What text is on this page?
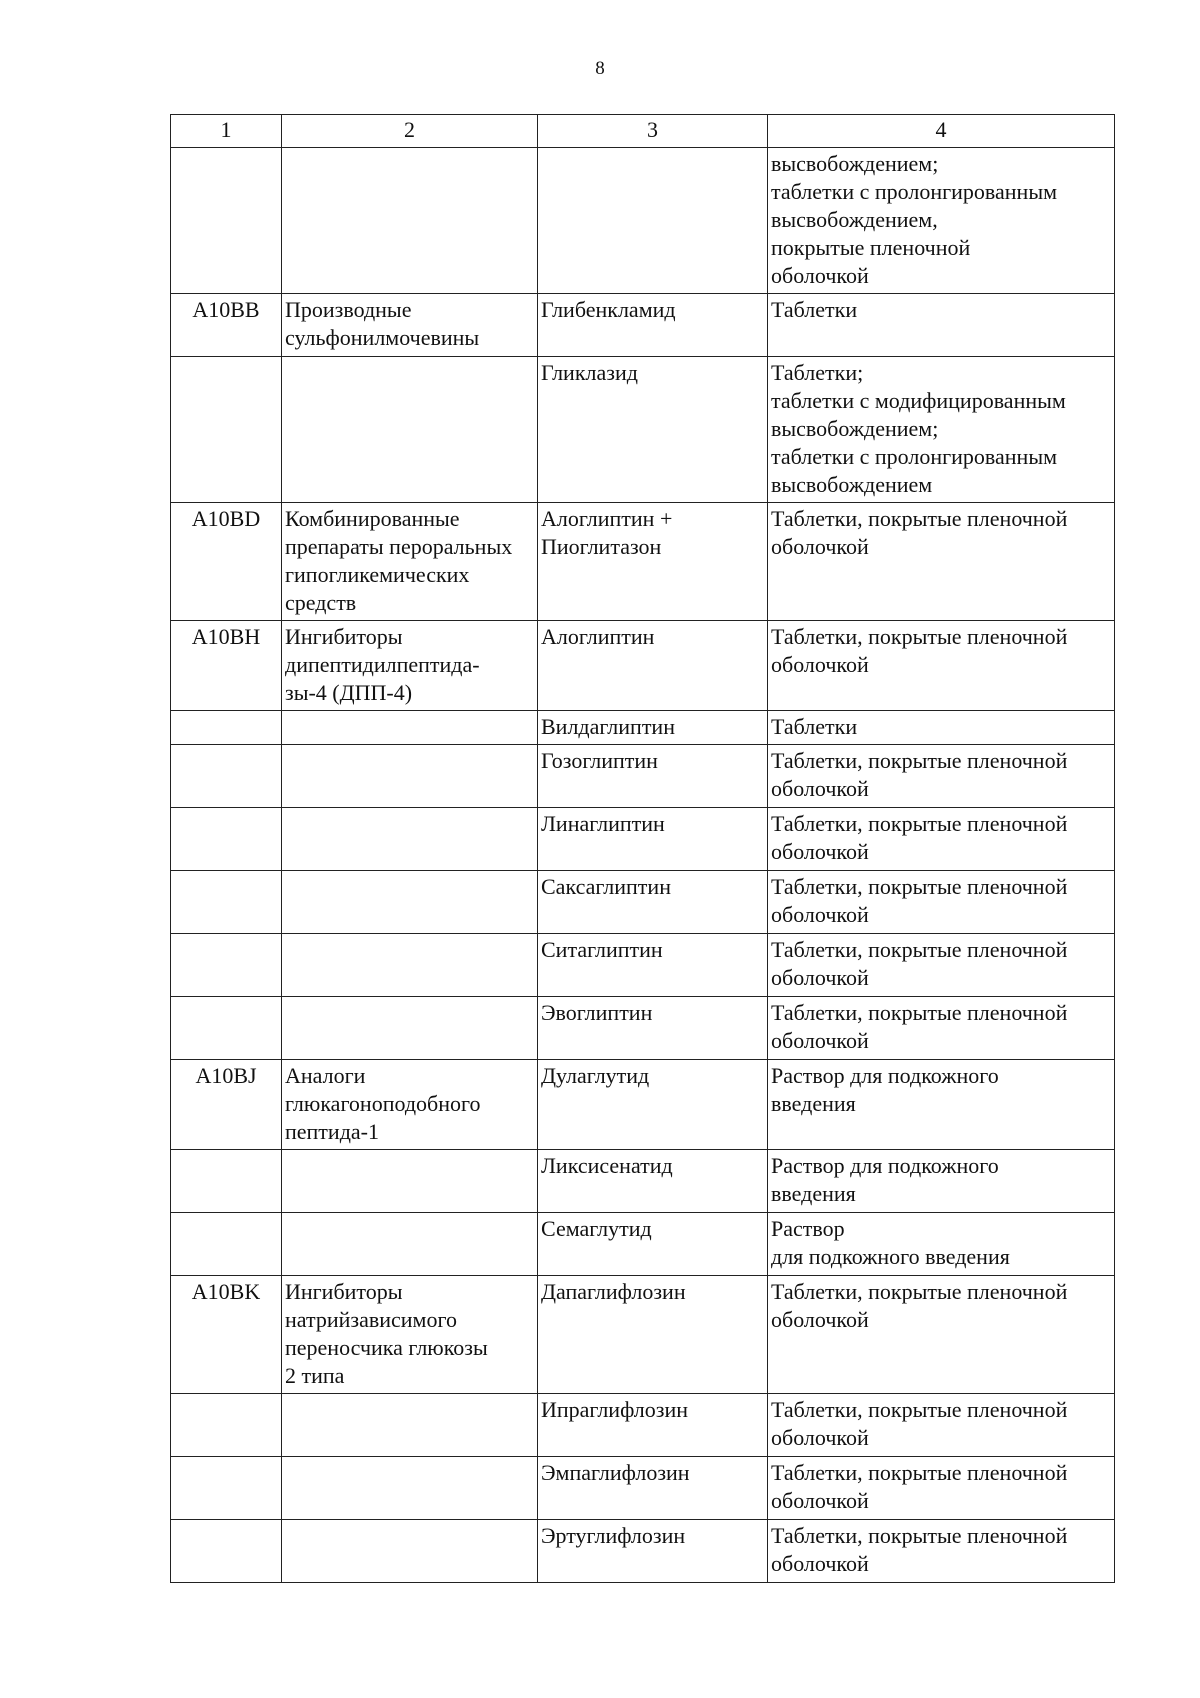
8
1	2	3	4
			высвобождением;
таблетки с пролонгированным
высвобождением,
покрытые пленочной
оболочкой
A10BB	Производные
сульфонилмочевины	Глибенкламид	Таблетки
		Гликлазид	Таблетки;
таблетки с модифицированным
высвобождением;
таблетки с пролонгированным
высвобождением
A10BD	Комбинированные
препараты пероральных
гипогликемических
средств	Алоглиптин +
Пиоглитазон	Таблетки, покрытые пленочной
оболочкой
A10BH	Ингибиторы
дипептидилпептида-
зы-4 (ДПП-4)	Алоглиптин	Таблетки, покрытые пленочной
оболочкой
		Вилдаглиптин	Таблетки
		Гозоглиптин	Таблетки, покрытые пленочной
оболочкой
		Линаглиптин	Таблетки, покрытые пленочной
оболочкой
		Саксаглиптин	Таблетки, покрытые пленочной
оболочкой
		Ситаглиптин	Таблетки, покрытые пленочной
оболочкой
		Эвоглиптин	Таблетки, покрытые пленочной
оболочкой
A10BJ	Аналоги
глюкагоноподобного
пептида-1	Дулаглутид	Раствор для подкожного
введения
		Ликсисенатид	Раствор для подкожного
введения
		Семаглутид	Раствор
для подкожного введения
A10BK	Ингибиторы
натрийзависимого
переносчика глюкозы
2 типа	Дапаглифлозин	Таблетки, покрытые пленочной
оболочкой
		Ипраглифлозин	Таблетки, покрытые пленочной
оболочкой
		Эмпаглифлозин	Таблетки, покрытые пленочной
оболочкой
		Эртуглифлозин	Таблетки, покрытые пленочной
оболочкой
